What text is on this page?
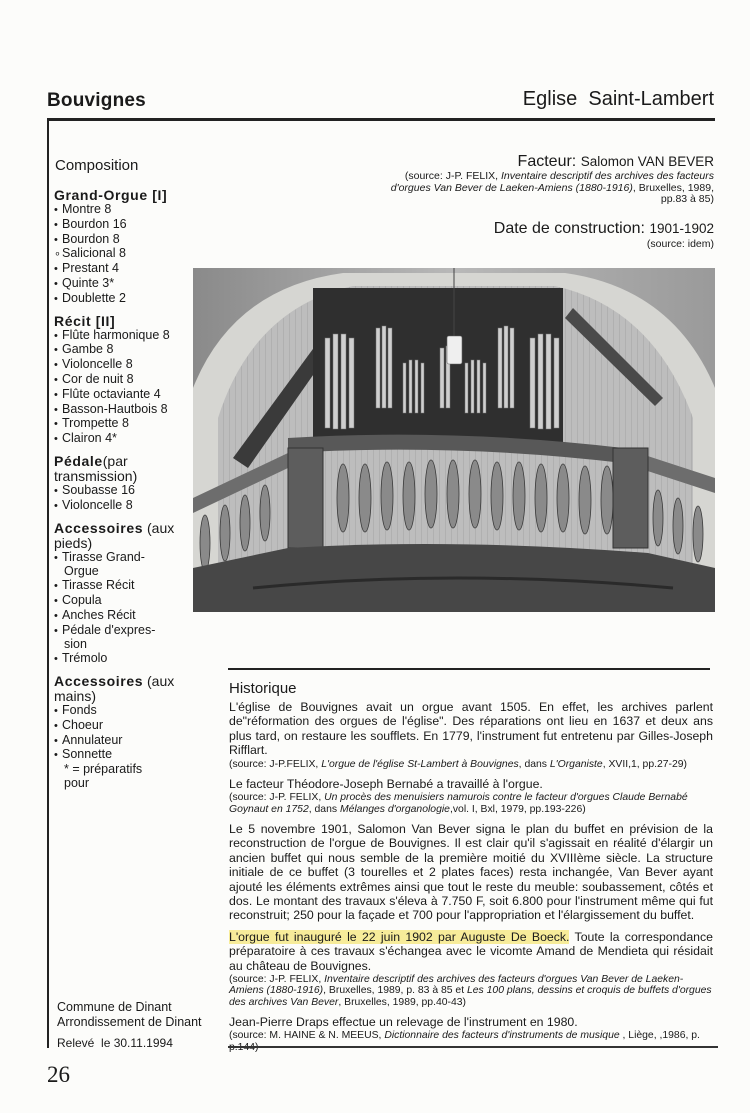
Bouvignes	Eglise  Saint-Lambert
Composition
Grand-Orgue [I]
• Montre 8
• Bourdon 16
• Bourdon 8
∘Salicional 8
• Prestant 4
• Quinte 3*
• Doublette 2
Récit [II]
• Flûte harmonique 8
• Gambe 8
• Violoncelle 8
• Cor de nuit 8
• Flûte octaviante 4
• Basson-Hautbois 8
• Trompette 8
• Clairon 4*
Pédale(par transmission)
• Soubasse 16
• Violoncelle 8
Accessoires (aux pieds)
• Tirasse Grand-
Orgue
• Tirasse Récit
• Copula
• Anches Récit
• Pédale d'expres-
sion
• Trémolo
Accessoires (aux mains)
• Fonds
• Choeur
• Annulateur
• Sonnette
* = préparatifs
pour
Facteur: Salomon VAN BEVER
(source: J-P. FELIX, Inventaire descriptif des archives des facteurs d'orgues Van Bever de Laeken-Amiens (1880-1916), Bruxelles, 1989, pp.83 à 85)
Date de construction: 1901-1902
(source: idem)
Historique
L'église de Bouvignes avait un orgue avant 1505. En effet, les archives parlent de"réformation des orgues de l'église". Des réparations ont lieu en 1637 et deux ans plus tard, on restaure les soufflets. En 1779, l'instrument fut entretenu par Gilles-Joseph Rifflart.
(source: J-P.FELIX, L'orgue de l'église St-Lambert à Bouvignes, dans L'Organiste, XVII,1, pp.27-29)
Le facteur Théodore-Joseph Bernabé a travaillé à l'orgue.
(source: J-P. FELIX, Un procès des menuisiers namurois contre le facteur d'orgues Claude Bernabé Goynaut en 1752, dans Mélanges d'organologie,vol. I, Bxl, 1979, pp.193-226)
Le 5 novembre 1901, Salomon Van Bever signa le plan du buffet en prévision de la reconstruction de l'orgue de Bouvignes. Il est clair qu'il s'agissait en réalité d'élargir un ancien buffet qui nous semble de la première moitié du XVIIIème siècle. La structure initiale de ce buffet (3 tourelles et 2 plates faces) resta inchangée, Van Bever ayant ajouté les éléments extrêmes ainsi que tout le reste du meuble: soubassement, côtés et dos. Le montant des travaux s'éleva à 7.750 F, soit 6.800 pour l'instrument même qui fut reconstruit; 250 pour la façade et 700 pour l'appropriation et l'élargissement du buffet.
L'orgue fut inauguré le 22 juin 1902 par Auguste De Boeck. Toute la correspondance préparatoire à ces travaux s'échangea avec le vicomte Amand de Mendieta qui résidait au château de Bouvignes.
(source: J-P. FELIX, Inventaire descriptif des archives des facteurs d'orgues Van Bever de Laeken-Amiens (1880-1916), Bruxelles, 1989, p. 83 à 85 et Les 100 plans, dessins et croquis de buffets d'orgues des archives Van Bever, Bruxelles, 1989, pp.40-43)
Jean-Pierre Draps effectue un relevage de l'instrument en 1980.
(source: M. HAINE & N. MEEUS, Dictionnaire des facteurs d'instruments de musique , Liège, ,1986, p.
Commune de Dinant
Arrondissement de Dinant
Relevé  le 30.11.1994
26
